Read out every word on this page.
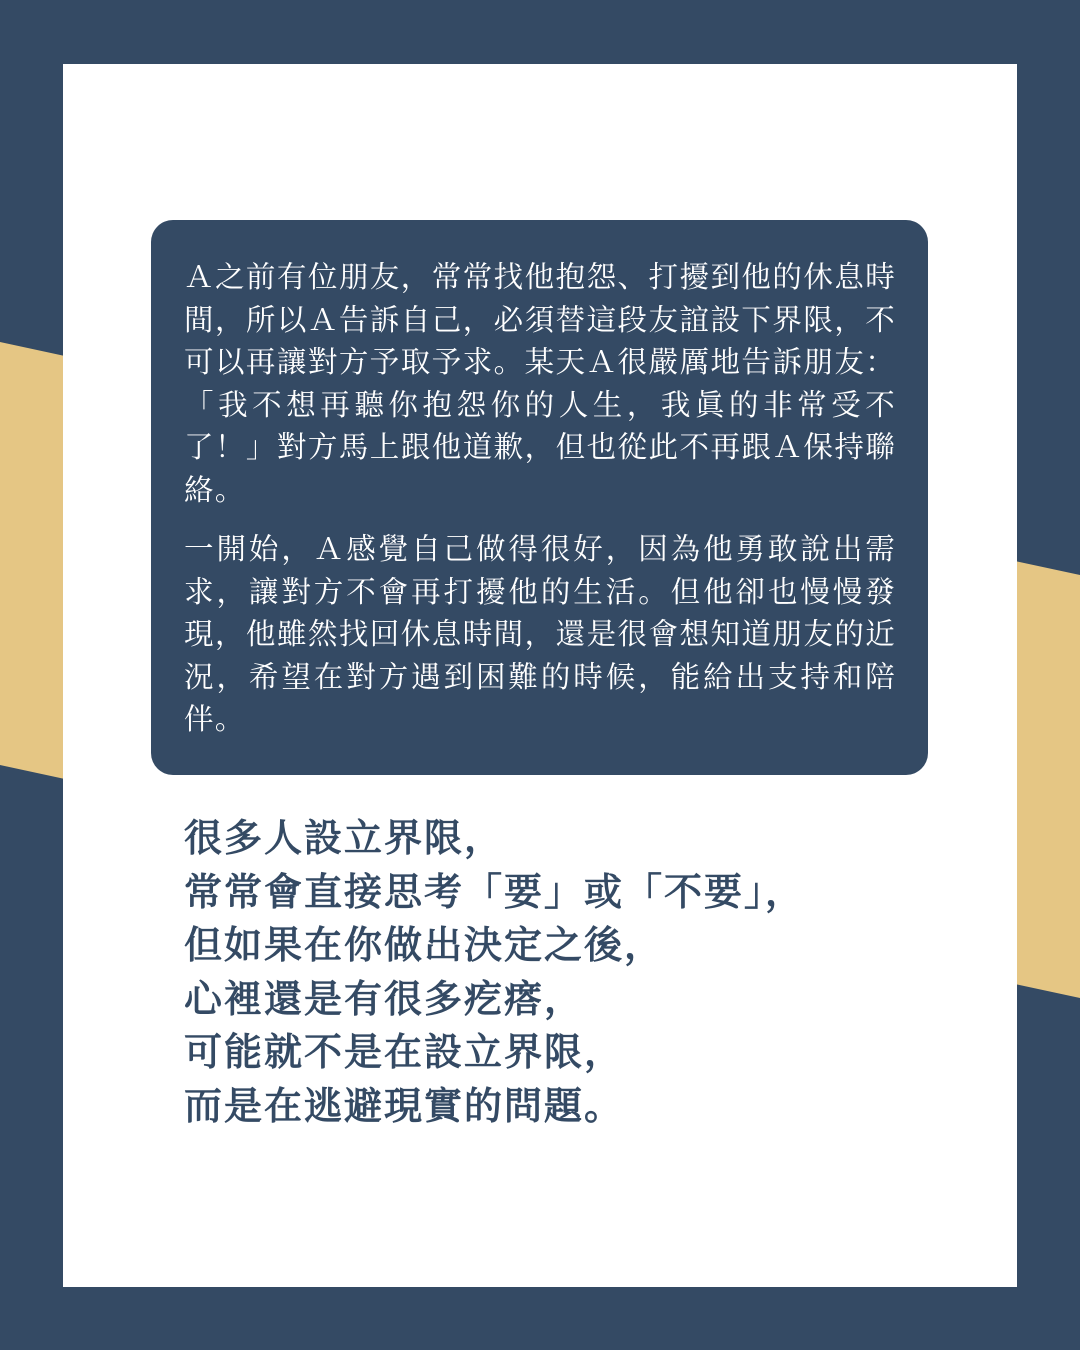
Ａ之前有位朋友，常常找他抱怨、打擾到他的休息時間，所以Ａ告訴自己，必須替這段友誼設下界限，不可以再讓對方予取予求。某天Ａ很嚴厲地告訴朋友：「我不想再聽你抱怨你的人生，我眞的非常受不了！」對方馬上跟他道歉，但也從此不再跟Ａ保持聯絡。

一開始，Ａ感覺自己做得很好，因為他勇敢說出需求，讓對方不會再打擾他的生活。但他卻也慢慢發現，他雖然找回休息時間，還是很會想知道朋友的近況，希望在對方遇到困難的時候，能給出支持和陪伴。

很多人設立界限，
常常會直接思考「要」或「不要」，
但如果在你做出決定之後，
心裡還是有很多疙瘩，
可能就不是在設立界限，
而是在逃避現實的問題。
